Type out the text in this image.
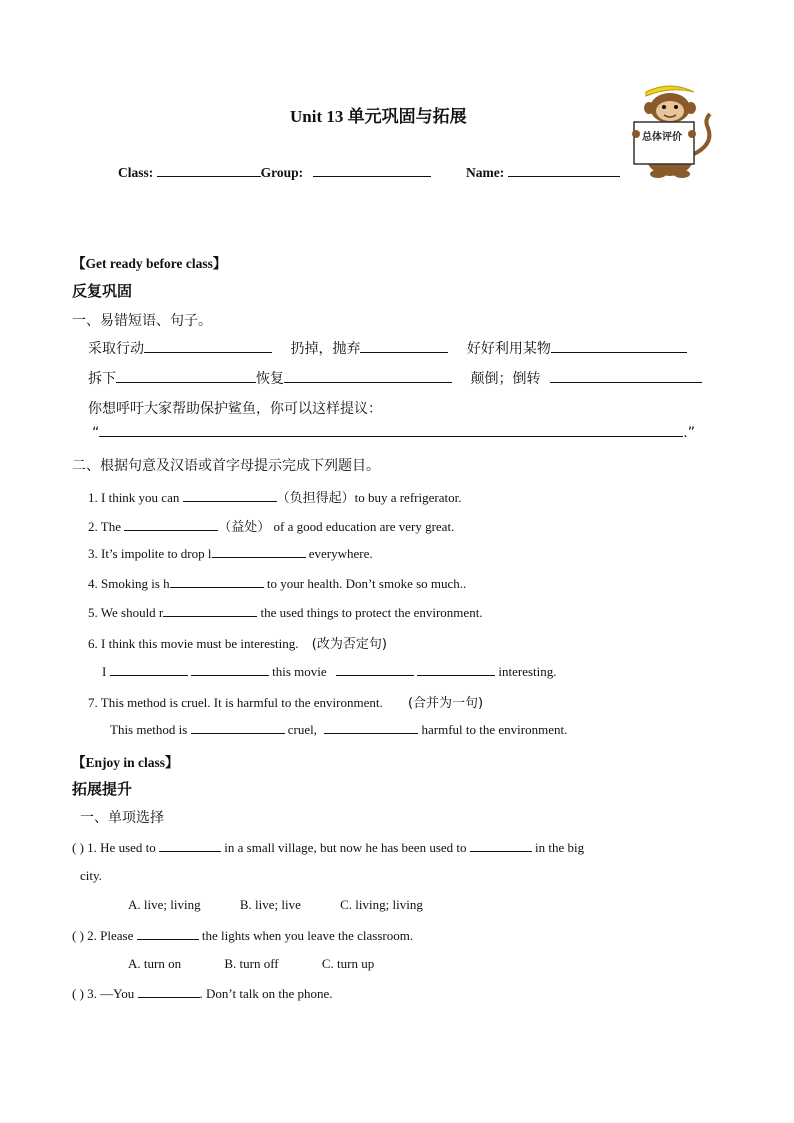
Unit 13 单元巩固与拓展
总体评价
Class:	Group:	Name:
【Get ready before class】
反复巩固
一、易错短语、句子。
采取行动	扔掉，抛弃	好好利用某物
拆下	恢复	颠倒；倒转
你想呼吁大家帮助保护鲨鱼，你可以这样提议：
“	.”
二、根据句意及汉语或首字母提示完成下列题目。
1. I think you can	（负担得起）to buy a refrigerator.
2. The	（益处） of a good education are very great.
3. It’s impolite to drop l	everywhere.
4. Smoking is h	to your health. Don’t smoke so much..
5. We should r	the used things to protect the environment.
6. I think this movie must be interesting. (改为否定句)
I	this movie	interesting.
7. This method is cruel. It is harmful to the environment. (合并为一句)
This method is	cruel,	harmful to the environment.
【Enjoy in class】
拓展提升
一、单项选择
( ) 1. He used to	in a small village, but now he has been used to	in the big
city.
A. live; living	B. live; live	C. living; living
( ) 2. Please	the lights when you leave the classroom.
A. turn on	B. turn off	C. turn up
( ) 3. —You	. Don’t talk on the phone.
